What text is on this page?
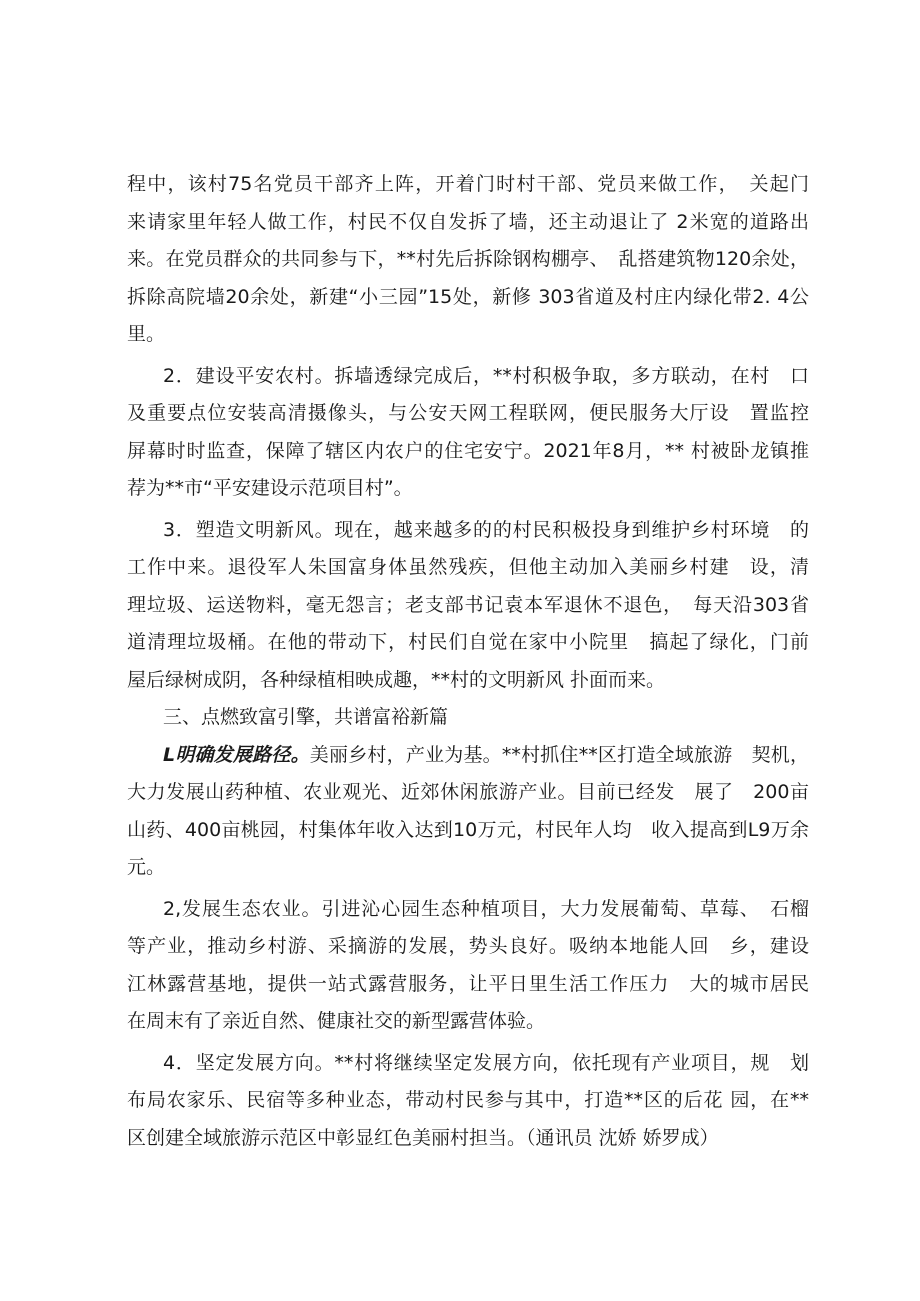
程中，该村75名党员干部齐上阵，开着门时村干部、党员来做工作，　关起门
来请家里年轻人做工作，村民不仅自发拆了墙，还主动退让了 2米宽的道路出
来。在党员群众的共同参与下，**村先后拆除钢构棚亭、　乱搭建筑物120余处，
拆除高院墙20余处，新建“小三园”15处，新修 303省道及村庄内绿化带2. 4公
里。
2．建设平安农村。拆墙透绿完成后，**村积极争取，多方联动，在村　口
及重要点位安装高清摄像头，与公安天网工程联网，便民服务大厅设　置监控
屏幕时时监查，保障了辖区内农户的住宅安宁。2021年8月，** 村被卧龙镇推
荐为**市“平安建设示范项目村”。
3．塑造文明新风。现在，越来越多的的村民积极投身到维护乡村环境　的
工作中来。退役军人朱国富身体虽然残疾，但他主动加入美丽乡村建　设，清
理垃圾、运送物料，毫无怨言；老支部书记袁本军退休不退色，　每天沿303省
道清理垃圾桶。在他的带动下，村民们自觉在家中小院里　搞起了绿化，门前
屋后绿树成阴，各种绿植相映成趣，**村的文明新风 扑面而来。
三、点燃致富引擎，共谱富裕新篇
L明确发展路径。美丽乡村，产业为基。**村抓住**区打造全域旅游　契机，
大力发展山药种植、农业观光、近郊休闲旅游产业。目前已经发　展了　200亩
山药、400亩桃园，村集体年收入达到10万元，村民年人均　收入提高到L9万余
元。
2,发展生态农业。引进沁心园生态种植项目，大力发展葡萄、草莓、　石榴
等产业，推动乡村游、采摘游的发展，势头良好。吸纳本地能人回　乡，建设
江林露营基地，提供一站式露营服务，让平日里生活工作压力　大的城市居民
在周末有了亲近自然、健康社交的新型露营体验。
4．坚定发展方向。**村将继续坚定发展方向，依托现有产业项目，规　划
布局农家乐、民宿等多种业态，带动村民参与其中，打造**区的后花 园，在**
区创建全域旅游示范区中彰显红色美丽村担当。（通讯员 沈娇 娇罗成）
